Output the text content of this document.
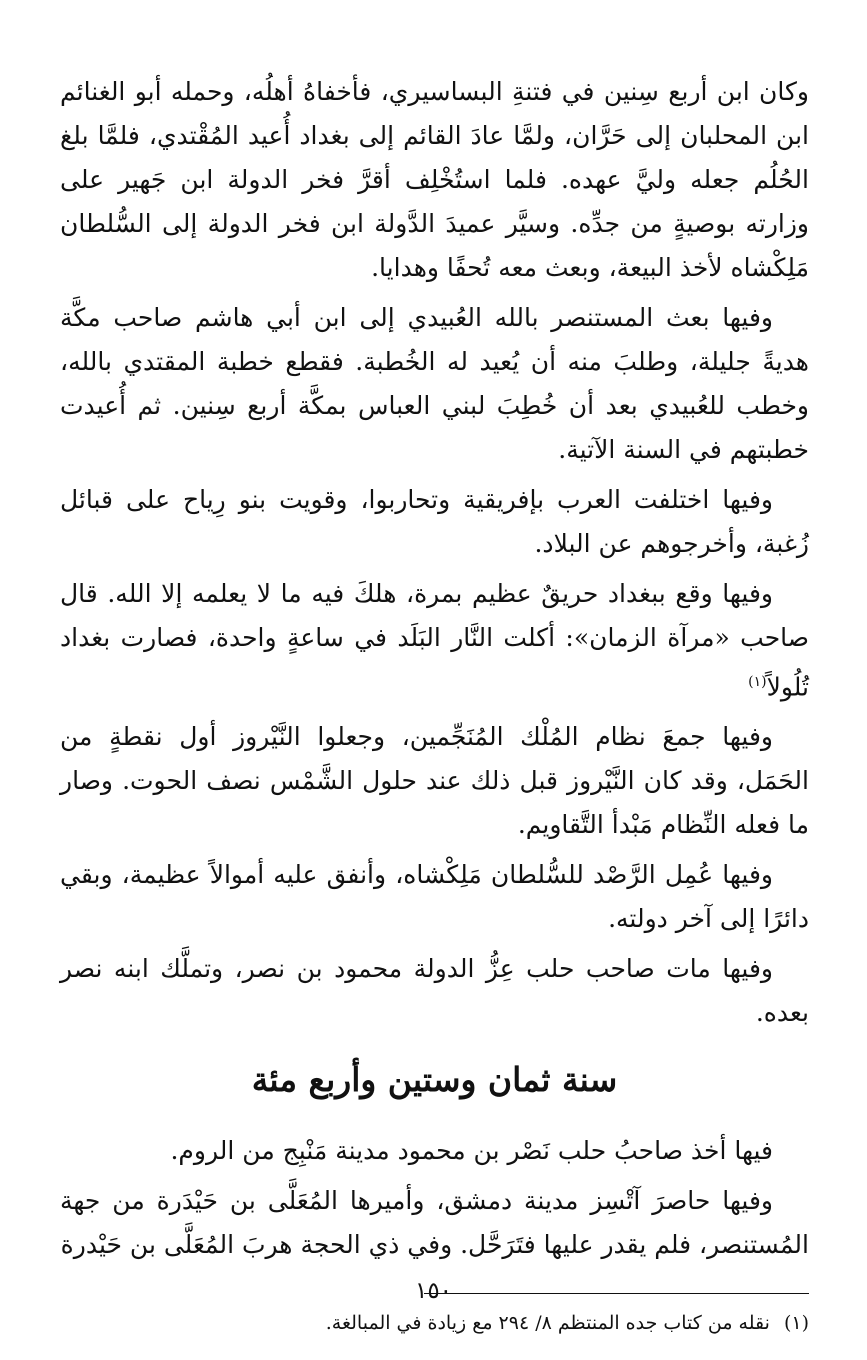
وكان ابن أربع سِنين في فتنةِ البساسيري، فأخفاهُ أهلُه، وحمله أبو الغنائم ابن المحلبان إلى حَرَّان، ولمَّا عادَ القائم إلى بغداد أُعيد المُقْتدي، فلمَّا بلغ الحُلُم جعله وليَّ عهده. فلما استُخْلِف أقرَّ فخر الدولة ابن جَهير على وزارته بوصيةٍ من جدِّه. وسيَّر عميدَ الدَّولة ابن فخر الدولة إلى السُّلطان مَلِكْشاه لأخذ البيعة، وبعث معه تُحفًا وهدايا.

وفيها بعث المستنصر بالله العُبيدي إلى ابن أبي هاشم صاحب مكَّة هديةً جليلة، وطلبَ منه أن يُعيد له الخُطبة. فقطع خطبة المقتدي بالله، وخطب للعُبيدي بعد أن خُطِبَ لبني العباس بمكَّة أربع سِنين. ثم أُعيدت خطبتهم في السنة الآتية.

وفيها اختلفت العرب بإفريقية وتحاربوا، وقويت بنو رِياح على قبائل زُغبة، وأخرجوهم عن البلاد.

وفيها وقع ببغداد حريقٌ عظيم بمرة، هلكَ فيه ما لا يعلمه إلا الله. قال صاحب «مرآة الزمان»: أكلت النَّار البَلَد في ساعةٍ واحدة، فصارت بغداد تُلُولاً$^{(١)}$

وفيها جمعَ نظام المُلْك المُنَجِّمين، وجعلوا النَّيْروز أول نقطةٍ من الحَمَل، وقد كان النَّيْروز قبل ذلك عند حلول الشَّمْس نصف الحوت. وصار ما فعله النِّظام مَبْدأ التَّقاويم.

وفيها عُمِل الرَّصْد للسُّلطان مَلِكْشاه، وأنفق عليه أموالاً عظيمة، وبقي دائرًا إلى آخر دولته.

وفيها مات صاحب حلب عِزُّ الدولة محمود بن نصر، وتملَّك ابنه نصر بعده.

سنة ثمان وستين وأربع مئة

فيها أخذ صاحبُ حلب نَصْر بن محمود مدينة مَنْبِج من الروم.

وفيها حاصرَ آتْسِز مدينة دمشق، وأميرها المُعَلَّى بن حَيْدَرة من جهة المُستنصر، فلم يقدر عليها فتَرَحَّل. وفي ذي الحجة هربَ المُعَلَّى بن حَيْدرة

(١)نقله من كتاب جده المنتظم ٨/ ٢٩٤ مع زيادة في المبالغة.

١٥٠
